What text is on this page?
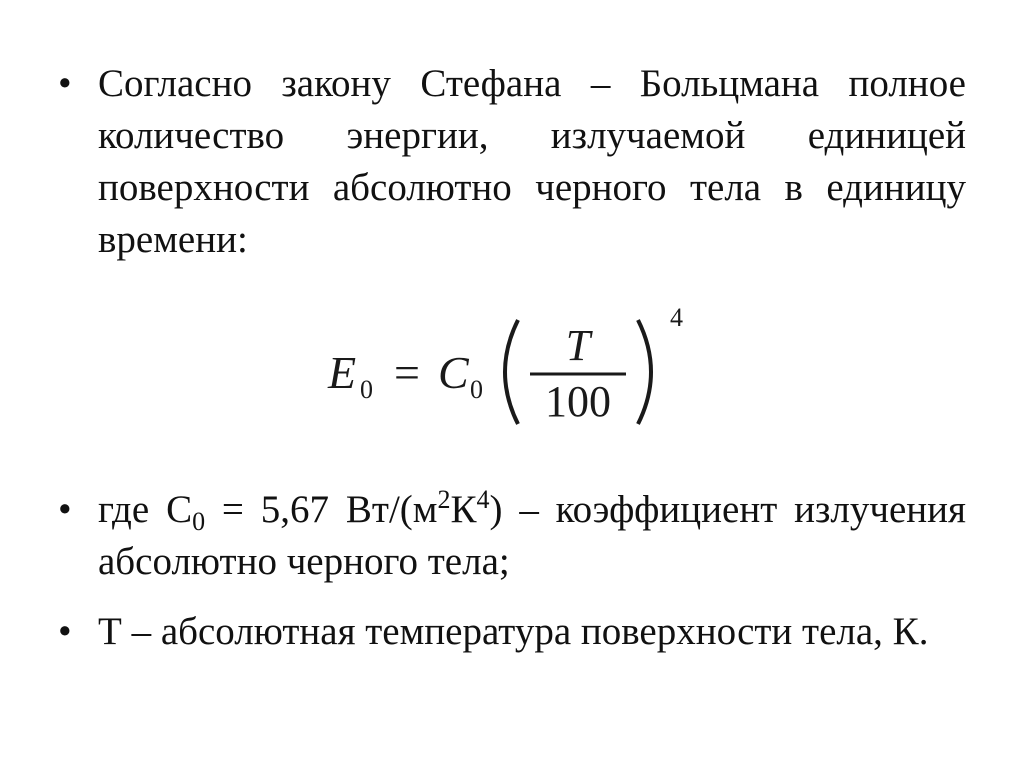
• Согласно закону Стефана – Больцмана полное количество энергии, излучаемой единицей поверхности абсолютно черного тела в единицу времени:
E 0 = C 0
T
100
4
• где $С_0 = 5,67$ $Вт/(м^2К^4)$ – коэффициент излучения абсолютно черного тела;
• Т – абсолютная температура поверхности тела, К.
